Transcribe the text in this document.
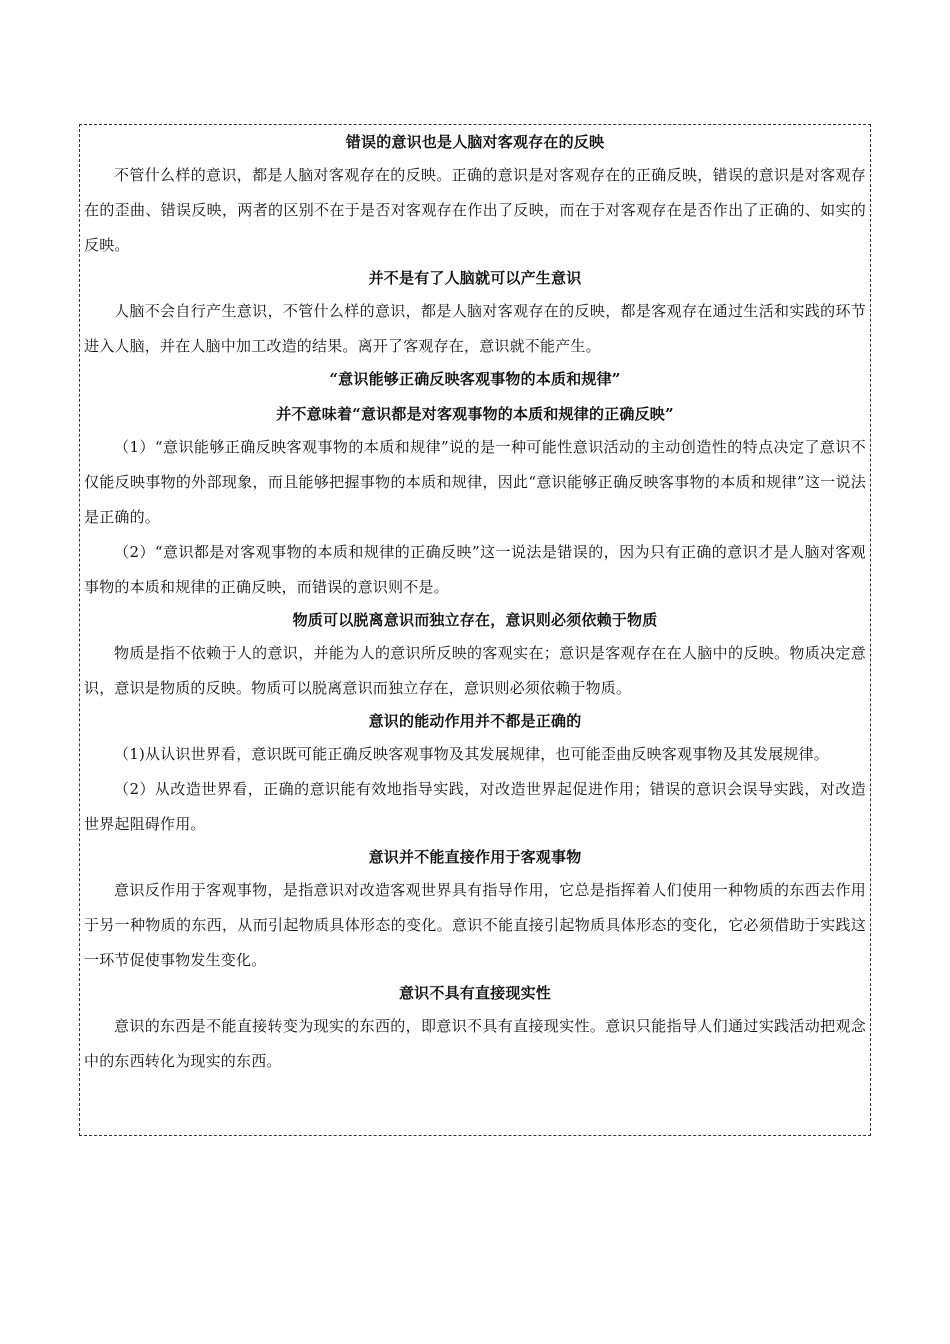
错误的意识也是人脑对客观存在的反映

不管什么样的意识，都是人脑对客观存在的反映。正确的意识是对客观存在的正确反映，错误的意识是对客观存在的歪曲、错误反映，两者的区别不在于是否对客观存在作出了反映，而在于对客观存在是否作出了正确的、如实的反映。

并不是有了人脑就可以产生意识

人脑不会自行产生意识，不管什么样的意识，都是人脑对客观存在的反映，都是客观存在通过生活和实践的环节进入人脑，并在人脑中加工改造的结果。离开了客观存在，意识就不能产生。

“意识能够正确反映客观事物的本质和规律”

并不意味着“意识都是对客观事物的本质和规律的正确反映”

（1）“意识能够正确反映客观事物的本质和规律”说的是一种可能性意识活动的主动创造性的特点决定了意识不仅能反映事物的外部现象，而且能够把握事物的本质和规律，因此“意识能够正确反映客事物的本质和规律”这一说法是正确的。

（2）“意识都是对客观事物的本质和规律的正确反映”这一说法是错误的，因为只有正确的意识才是人脑对客观事物的本质和规律的正确反映，而错误的意识则不是。

物质可以脱离意识而独立存在，意识则必须依赖于物质

物质是指不依赖于人的意识，并能为人的意识所反映的客观实在；意识是客观存在在人脑中的反映。物质决定意识，意识是物质的反映。物质可以脱离意识而独立存在，意识则必须依赖于物质。

意识的能动作用并不都是正确的

（1)从认识世界看，意识既可能正确反映客观事物及其发展规律，也可能歪曲反映客观事物及其发展规律。

（2）从改造世界看，正确的意识能有效地指导实践，对改造世界起促进作用；错误的意识会误导实践，对改造世界起阻碍作用。

意识并不能直接作用于客观事物

意识反作用于客观事物，是指意识对改造客观世界具有指导作用，它总是指挥着人们使用一种物质的东西去作用于另一种物质的东西，从而引起物质具体形态的变化。意识不能直接引起物质具体形态的变化，它必须借助于实践这一环节促使事物发生变化。

意识不具有直接现实性

意识的东西是不能直接转变为现实的东西的，即意识不具有直接现实性。意识只能指导人们通过实践活动把观念中的东西转化为现实的东西。
